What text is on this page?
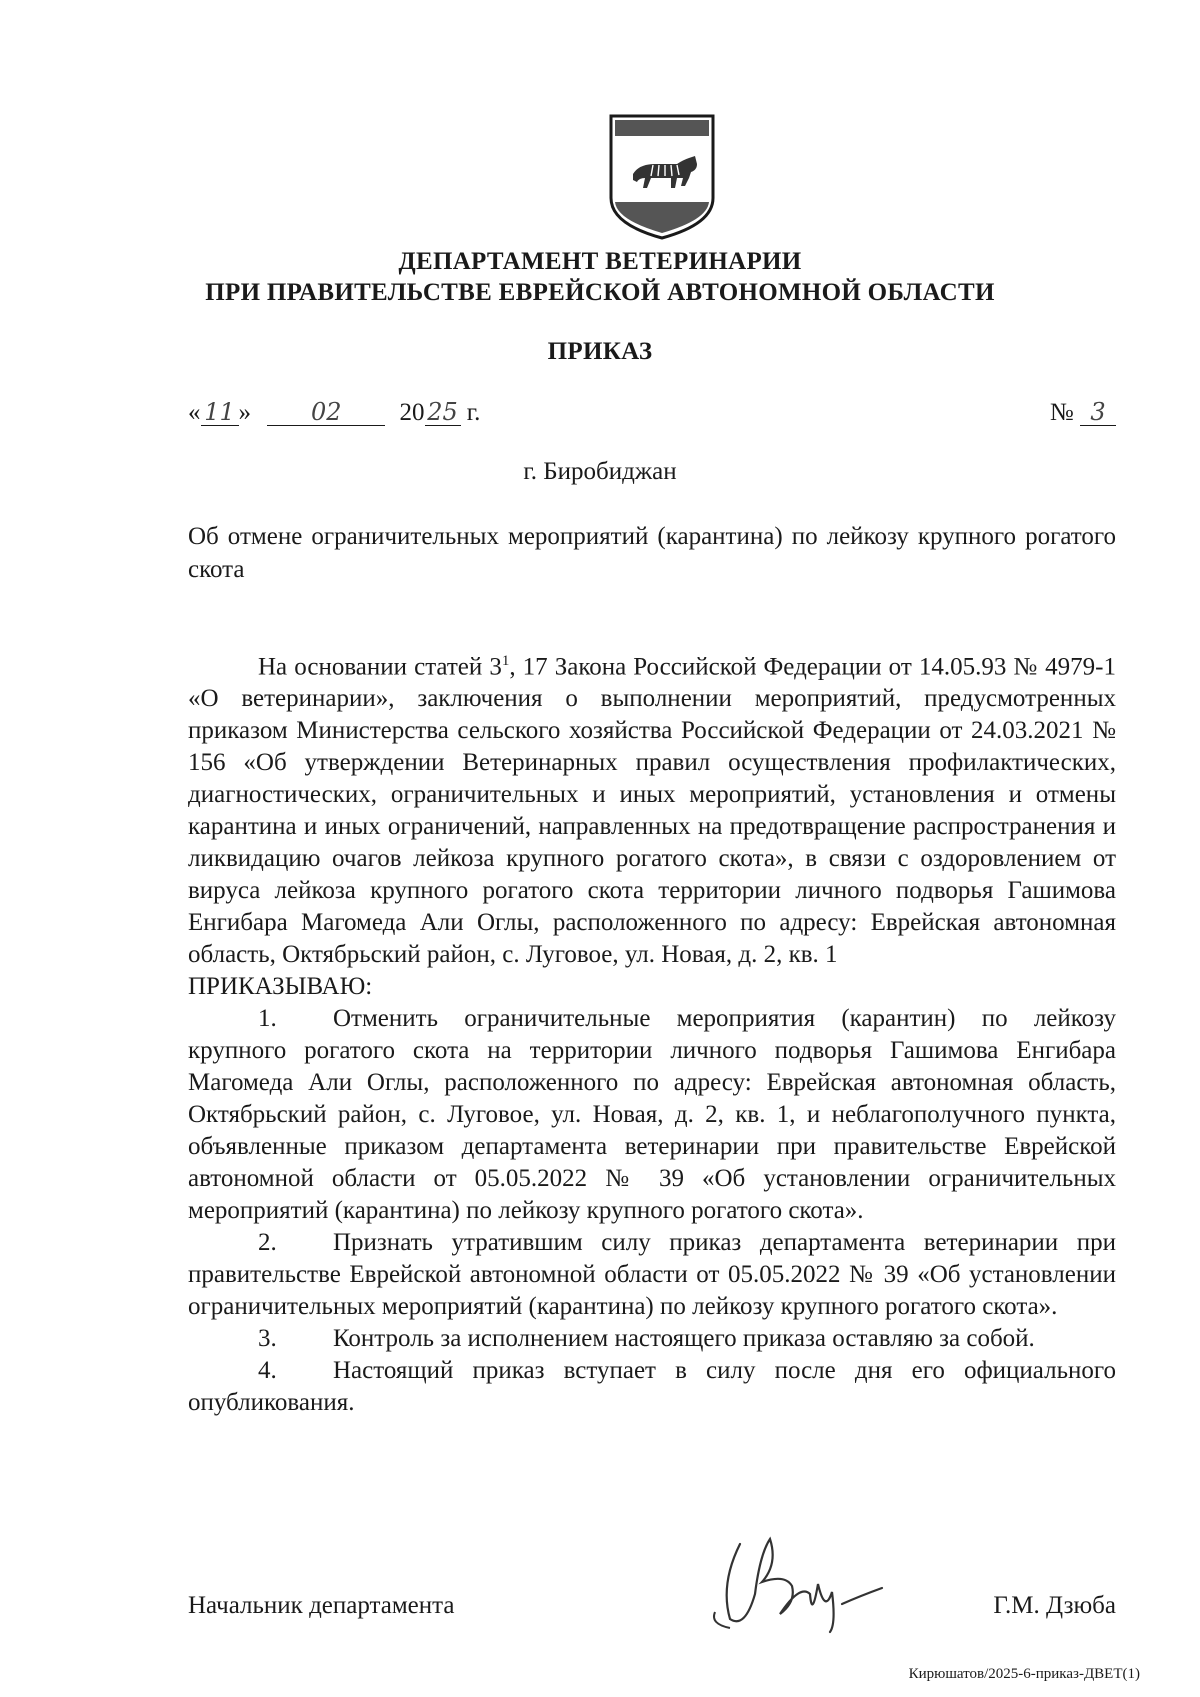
ДЕПАРТАМЕНТ ВЕТЕРИНАРИИ
ПРИ ПРАВИТЕЛЬСТВЕ ЕВРЕЙСКОЙ АВТОНОМНОЙ ОБЛАСТИ
ПРИКАЗ
« 11 » 02 20 25 г.	№ 3
г. Биробиджан
Об отмене ограничительных мероприятий (карантина) по лейкозу крупного рогатого скота

На основании статей $3^1$, 17 Закона Российской Федерации от 14.05.93 № 4979-1 «О ветеринарии», заключения о выполнении мероприятий, предусмотренных приказом Министерства сельского хозяйства Российской Федерации от 24.03.2021 № 156 «Об утверждении Ветеринарных правил осуществления профилактических, диагностических, ограничительных и иных мероприятий, установления и отмены карантина и иных ограничений, направленных на предотвращение распространения и ликвидацию очагов лейкоза крупного рогатого скота», в связи с оздоровлением от вируса лейкоза крупного рогатого скота территории личного подворья Гашимова Енгибара Магомеда Али Оглы, расположенного по адресу: Еврейская автономная область, Октябрьский район, с. Луговое, ул. Новая, д. 2, кв. 1

ПРИКАЗЫВАЮ:

1. Отменить ограничительные мероприятия (карантин) по лейкозу крупного рогатого скота на территории личного подворья Гашимова Енгибара Магомеда Али Оглы, расположенного по адресу: Еврейская автономная область, Октябрьский район, с. Луговое, ул. Новая, д. 2, кв. 1, и неблагополучного пункта, объявленные приказом департамента ветеринарии при правительстве Еврейской автономной области от 05.05.2022 № 39 «Об установлении ограничительных мероприятий (карантина) по лейкозу крупного рогатого скота».

2. Признать утратившим силу приказ департамента ветеринарии при правительстве Еврейской автономной области от 05.05.2022 № 39 «Об установлении ограничительных мероприятий (карантина) по лейкозу крупного рогатого скота».

3. Контроль за исполнением настоящего приказа оставляю за собой.

4. Настоящий приказ вступает в силу после дня его официального опубликования.

Начальник департамента	Г.М. Дзюба
Кирюшатов/2025-6-приказ-ДВЕТ(1)
